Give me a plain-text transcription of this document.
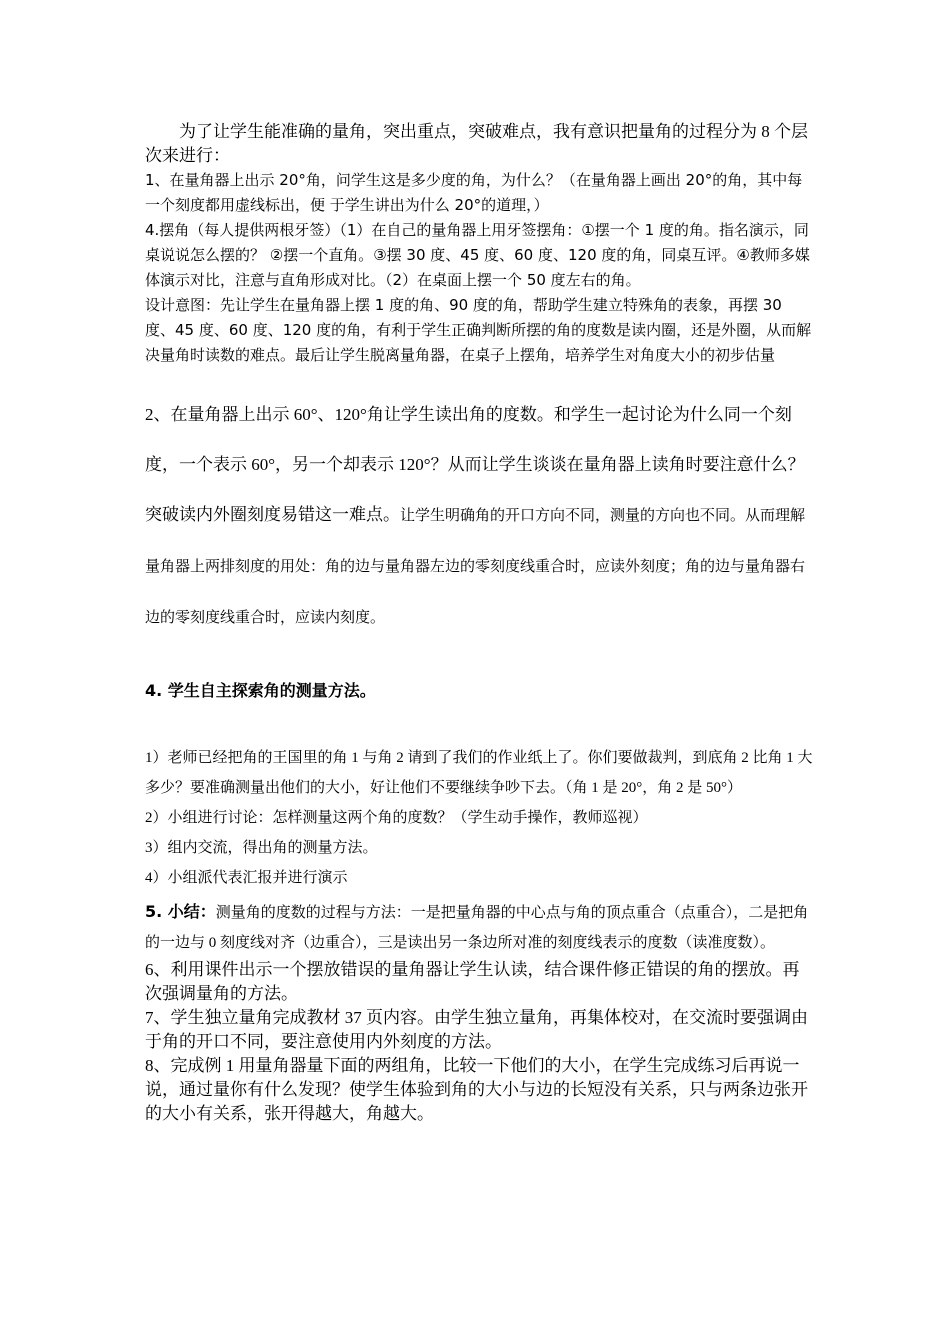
为了让学生能准确的量角，突出重点，突破难点，我有意识把量角的过程分为 8 个层次来进行：

1、在量角器上出示 20°角，问学生这是多少度的角，为什么？（在量角器上画出 20°的角，其中每一个刻度都用虚线标出，便 于学生讲出为什么 20°的道理，）

4.摆角（每人提供两根牙签）（1）在自己的量角器上用牙签摆角：①摆一个 1 度的角。指名演示，同桌说说怎么摆的？ ②摆一个直角。③摆 30 度、45 度、60 度、120 度的角，同桌互评。④教师多媒体演示对比，注意与直角形成对比。（2）在桌面上摆一个 50 度左右的角。

设计意图：先让学生在量角器上摆 1 度的角、90 度的角，帮助学生建立特殊角的表象，再摆 30 度、45 度、60 度、120 度的角，有利于学生正确判断所摆的角的度数是读内圈，还是外圈，从而解决量角时读数的难点。最后让学生脱离量角器，在桌子上摆角，培养学生对角度大小的初步估量

2、在量角器上出示 60°、120°角让学生读出角的度数。和学生一起讨论为什么同一个刻度，一个表示 60°，另一个却表示 120°？从而让学生谈谈在量角器上读角时要注意什么？突破读内外圈刻度易错这一难点。让学生明确角的开口方向不同，测量的方向也不同。从而理解量角器上两排刻度的用处：角的边与量角器左边的零刻度线重合时，应读外刻度；角的边与量角器右边的零刻度线重合时，应读内刻度。

4. 学生自主探索角的测量方法。

1）老师已经把角的王国里的角 1 与角 2 请到了我们的作业纸上了。你们要做裁判，到底角 2 比角 1 大多少？要准确测量出他们的大小，好让他们不要继续争吵下去。（角 1 是 20°，角 2 是 50°）

2）小组进行讨论：怎样测量这两个角的度数？（学生动手操作，教师巡视）

3）组内交流，得出角的测量方法。

4）小组派代表汇报并进行演示

5. 小结：测量角的度数的过程与方法：一是把量角器的中心点与角的顶点重合（点重合），二是把角的一边与 0 刻度线对齐（边重合），三是读出另一条边所对准的刻度线表示的度数（读准度数）。

6、利用课件出示一个摆放错误的量角器让学生认读，结合课件修正错误的角的摆放。再次强调量角的方法。

7、学生独立量角完成教材 37 页内容。由学生独立量角，再集体校对，在交流时要强调由于角的开口不同，要注意使用内外刻度的方法。

8、完成例 1 用量角器量下面的两组角，比较一下他们的大小，在学生完成练习后再说一说，通过量你有什么发现？使学生体验到角的大小与边的长短没有关系，只与两条边张开的大小有关系，张开得越大，角越大。
